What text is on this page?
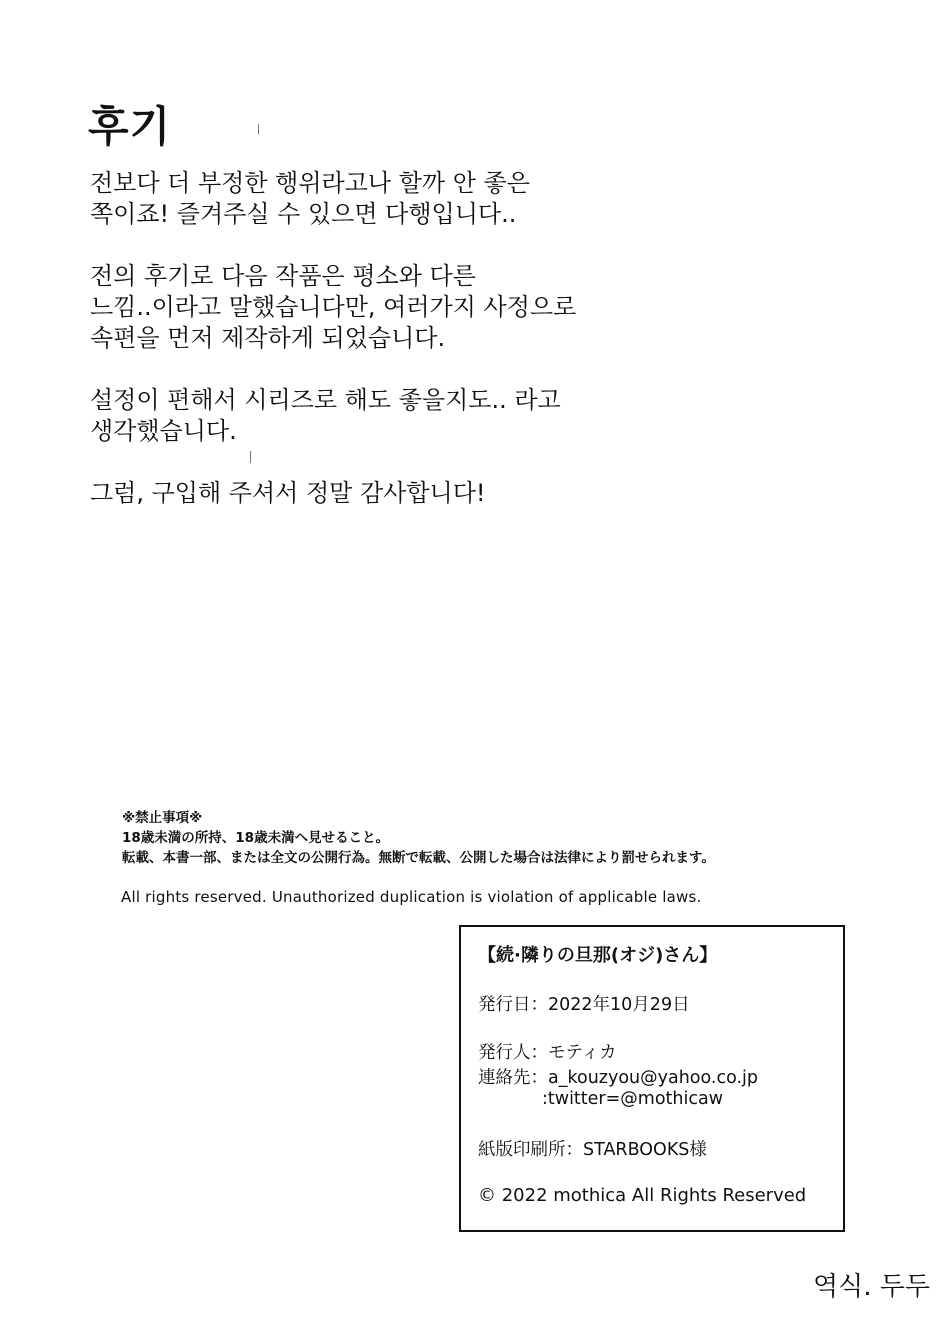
후기

전보다 더 부정한 행위라고나 할까 안 좋은
쪽이죠! 즐겨주실 수 있으면 다행입니다..

전의 후기로 다음 작품은 평소와 다른
느낌..이라고 말했습니다만, 여러가지 사정으로
속편을 먼저 제작하게 되었습니다.

설정이 편해서 시리즈로 해도 좋을지도.. 라고
생각했습니다.

그럼, 구입해 주셔서 정말 감사합니다!

※禁止事項※
18歳未満の所持、18歳未満へ見せること。
転載、本書一部、または全文の公開行為。無断で転載、公開した場合は法律により罰せられます。
All rights reserved. Unauthorized duplication is violation of applicable laws.
【続·隣りの旦那(オジ)さん】
発行日：2022年10月29日
発行人：モティカ
連絡先：a_kouzyou@yahoo.co.jp
:twitter=@mothicaw
紙版印刷所：STARBOOKS様
© 2022 mothica All Rights Reserved
역식. 두두
